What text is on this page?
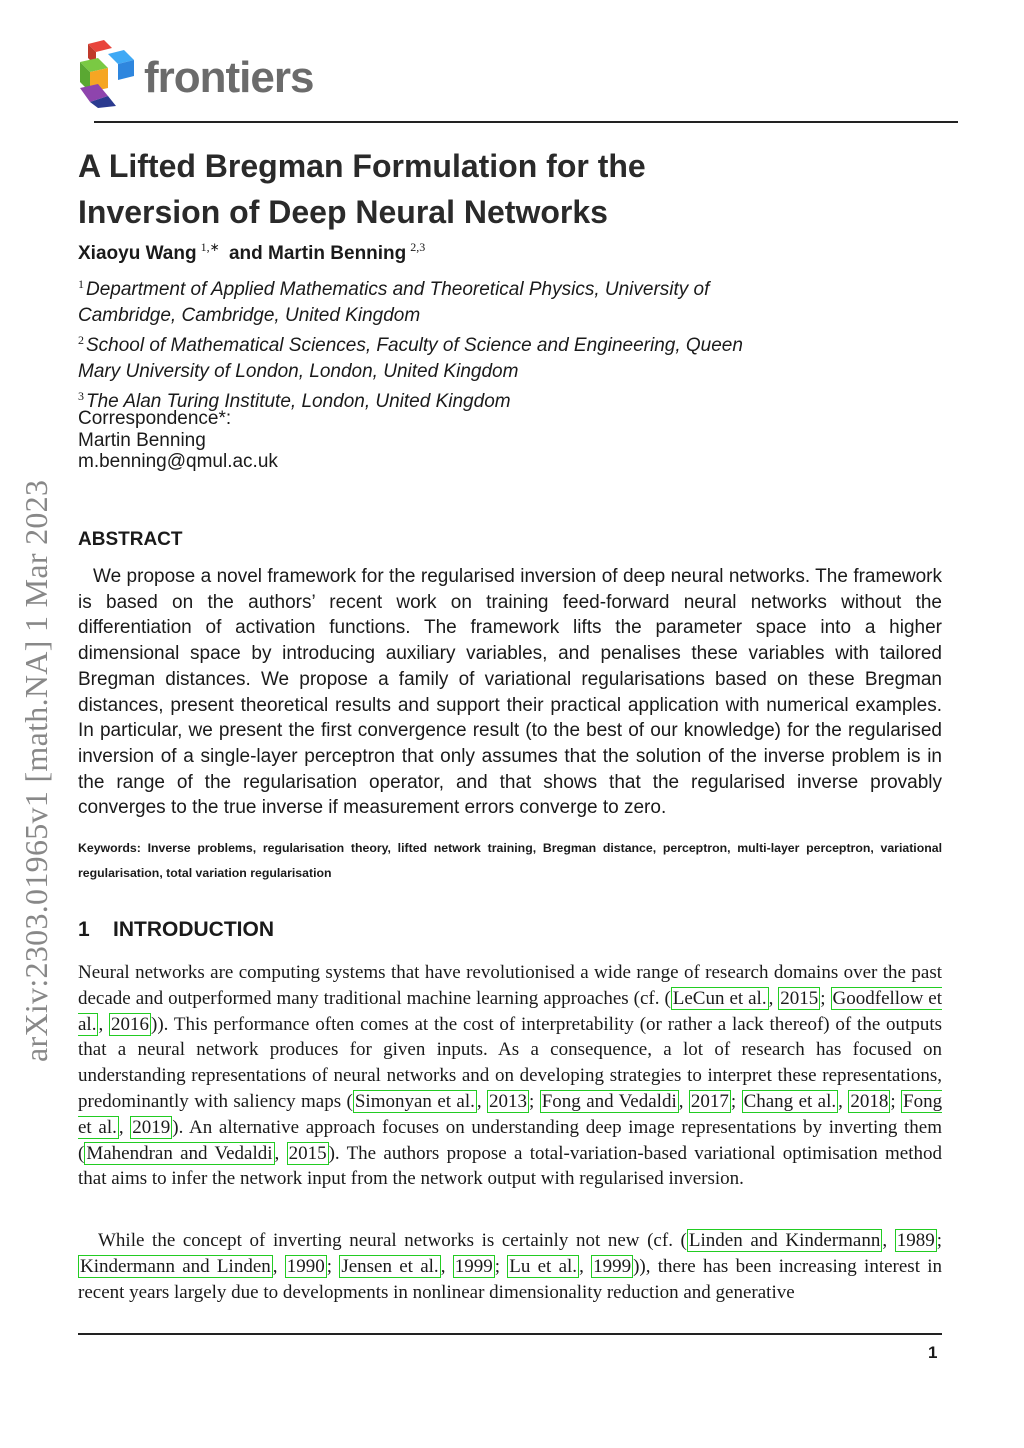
frontiers
arXiv:2303.01965v1 [math.NA] 1 Mar 2023
A Lifted Bregman Formulation for the
Inversion of Deep Neural Networks
Xiaoyu Wang $^{1,∗}$ and Martin Benning $^{2,3}$
$^1$ Department of Applied Mathematics and Theoretical Physics, University of
Cambridge, Cambridge, United Kingdom
$^2$ School of Mathematical Sciences, Faculty of Science and Engineering, Queen
Mary University of London, London, United Kingdom
$^3$ The Alan Turing Institute, London, United Kingdom
Correspondence*:
Martin Benning
m.benning@qmul.ac.uk
ABSTRACT
We propose a novel framework for the regularised inversion of deep neural networks. The framework is based on the authors’ recent work on training feed-forward neural networks without the differentiation of activation functions. The framework lifts the parameter space into a higher dimensional space by introducing auxiliary variables, and penalises these variables with tailored Bregman distances. We propose a family of variational regularisations based on these Bregman distances, present theoretical results and support their practical application with numerical examples. In particular, we present the first convergence result (to the best of our knowledge) for the regularised inversion of a single-layer perceptron that only assumes that the solution of the inverse problem is in the range of the regularisation operator, and that shows that the regularised inverse provably converges to the true inverse if measurement errors converge to zero.
Keywords: Inverse problems, regularisation theory, lifted network training, Bregman distance, perceptron, multi-layer perceptron, variational regularisation, total variation regularisation
1 INTRODUCTION
Neural networks are computing systems that have revolutionised a wide range of research domains over the past decade and outperformed many traditional machine learning approaches (cf. ( LeCun et al. , 2015 ; Goodfellow et al. , 2016 )). This performance often comes at the cost of interpretability (or rather a lack thereof) of the outputs that a neural network produces for given inputs. As a consequence, a lot of research has focused on understanding representations of neural networks and on developing strategies to interpret these representations, predominantly with saliency maps ( Simonyan et al. , 2013 ; Fong and Vedaldi , 2017 ; Chang et al. , 2018 ; Fong et al. , 2019 ). An alternative approach focuses on understanding deep image representations by inverting them ( Mahendran and Vedaldi , 2015 ). The authors propose a total-variation-based variational optimisation method that aims to infer the network input from the network output with regularised inversion.
While the concept of inverting neural networks is certainly not new (cf. ( Linden and Kindermann , 1989 ; Kindermann and Linden , 1990 ; Jensen et al. , 1999 ; Lu et al. , 1999 )), there has been increasing interest in recent years largely due to developments in nonlinear dimensionality reduction and generative
1
